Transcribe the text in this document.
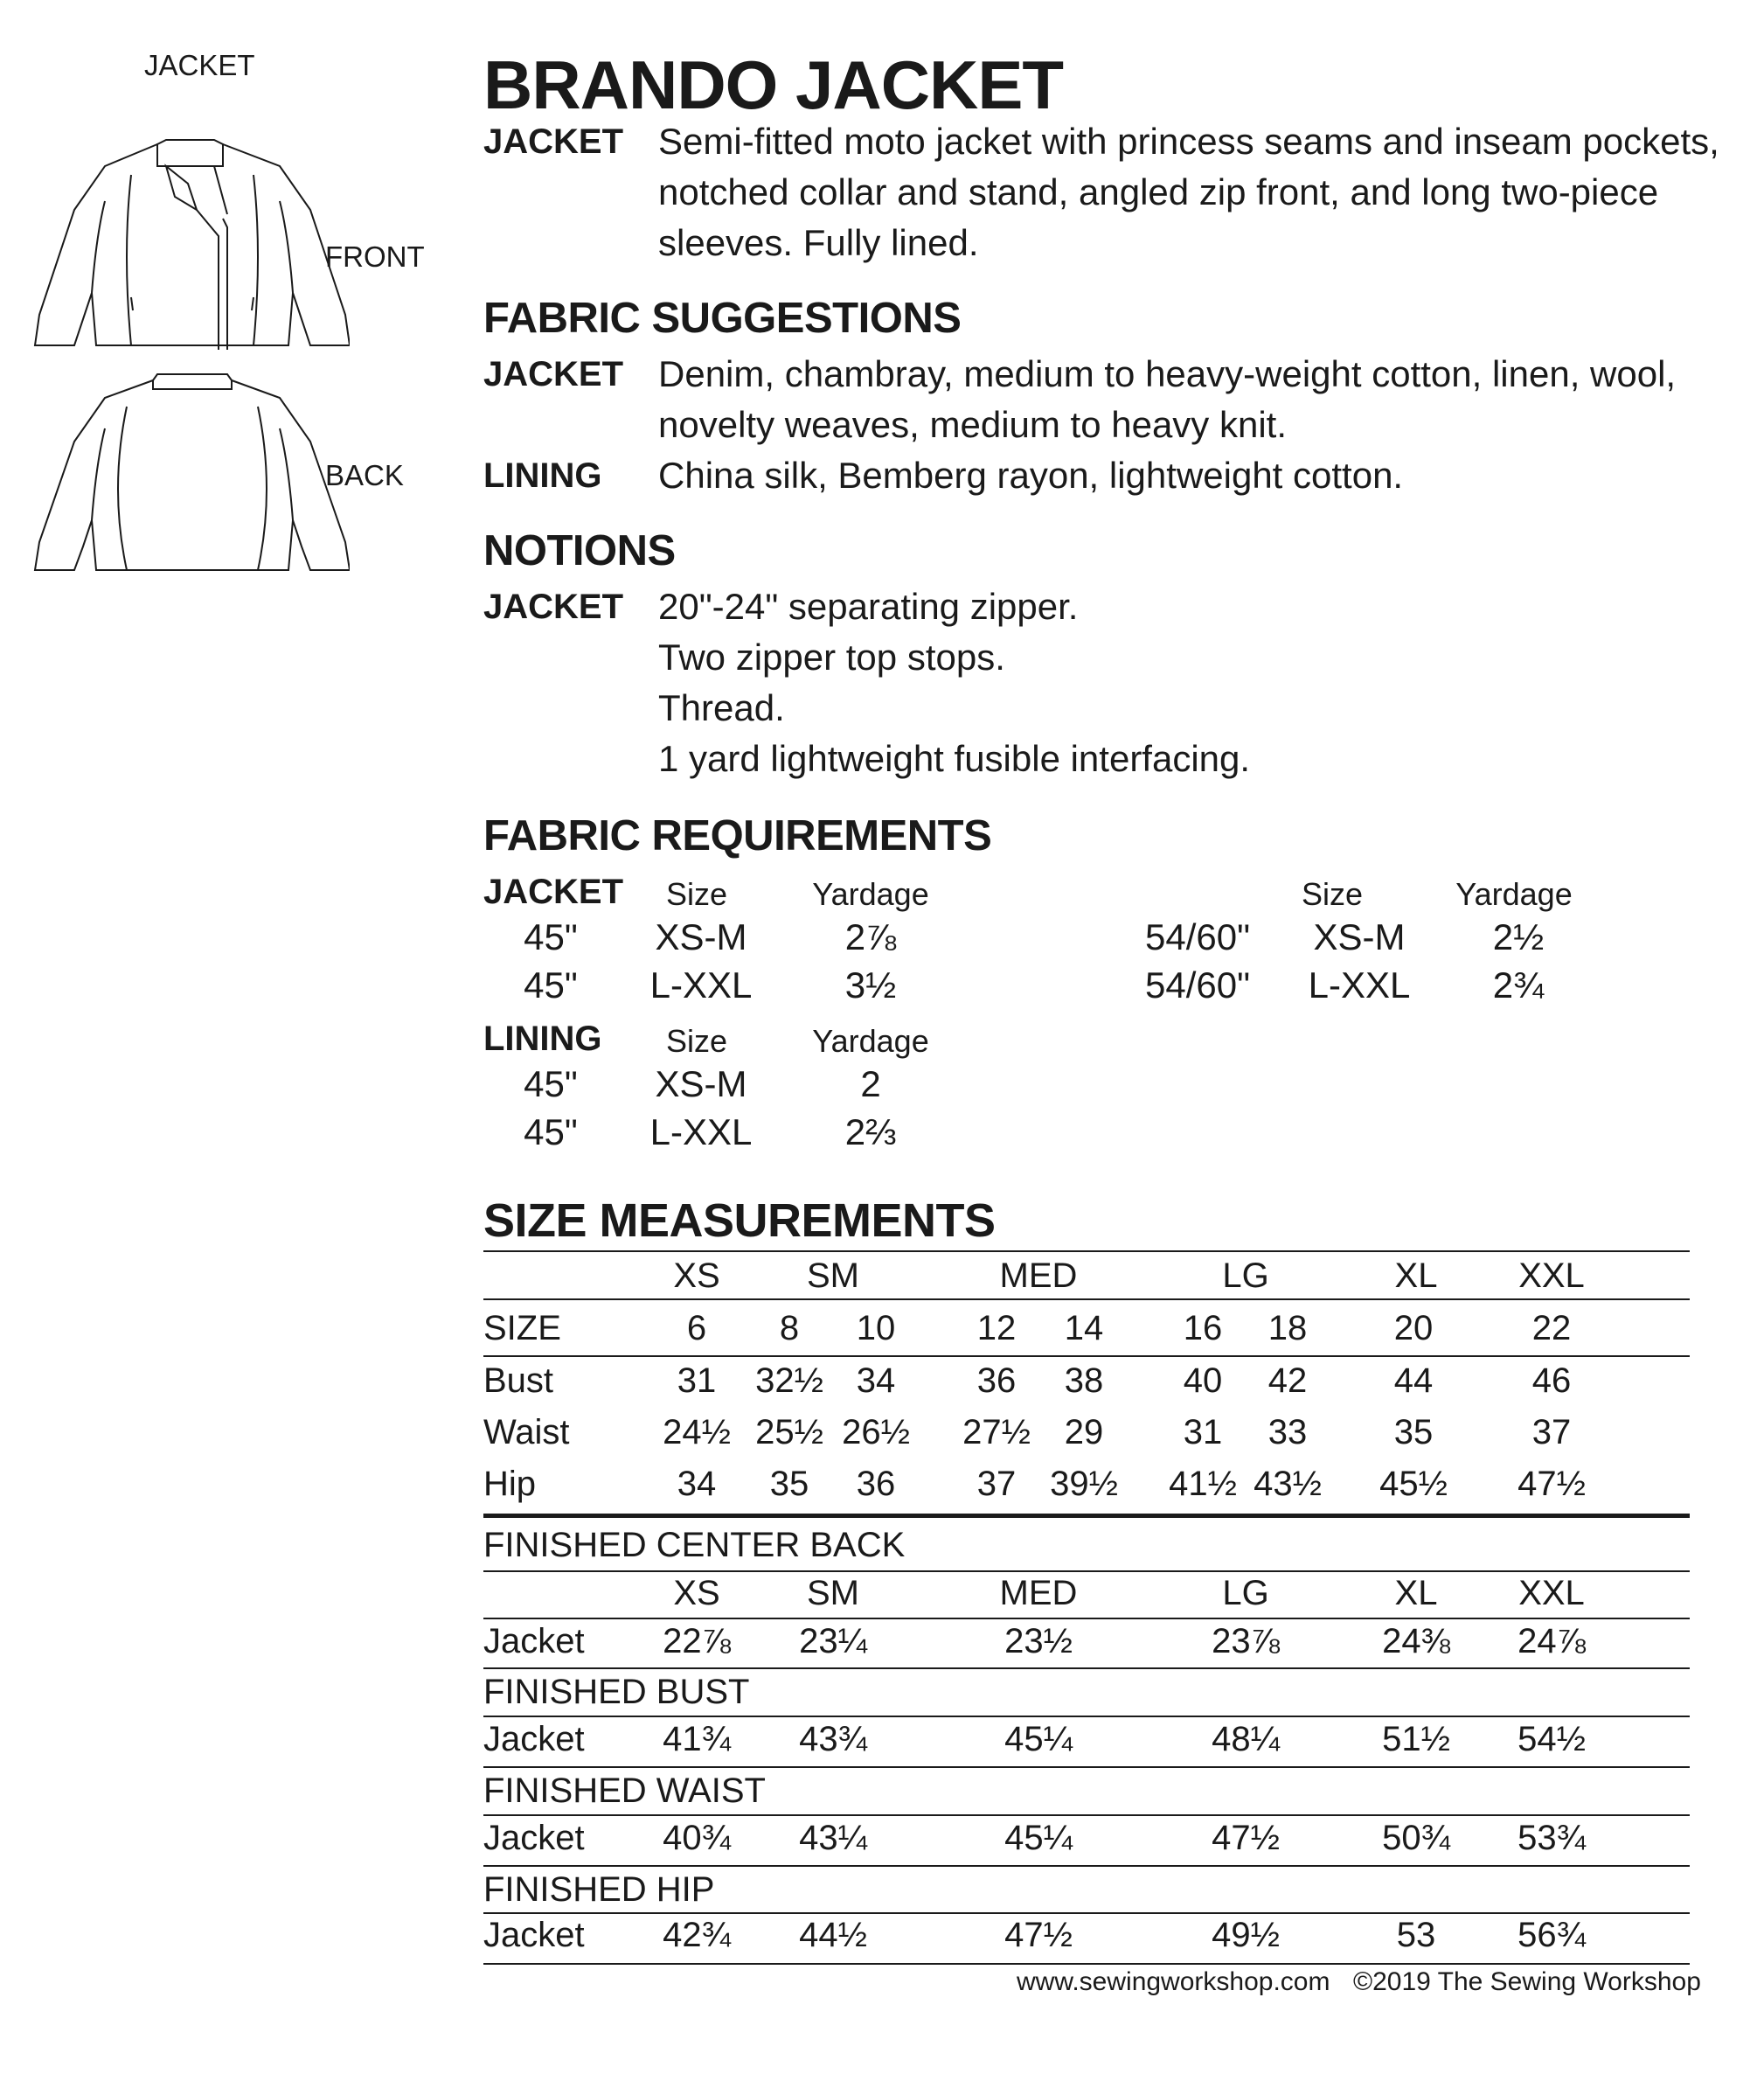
JACKET
FRONT
BACK
BRANDO JACKET
JACKET Semi-fitted moto jacket with princess seams and inseam pockets,
notched collar and stand, angled zip front, and long two-piece
sleeves. Fully lined.
FABRIC SUGGESTIONS
JACKET Denim, chambray, medium to heavy-weight cotton, linen, wool,
novelty weaves, medium to heavy knit.
LINING China silk, Bemberg rayon, lightweight cotton.
NOTIONS
JACKET 20"-24" separating zipper.
Two zipper top stops.
Thread.
1 yard lightweight fusible interfacing.
FABRIC REQUIREMENTS
JACKET Size	Yardage	Size	Yardage
45" XS-M	2⅞
45" L-XXL	3½
54/60" XS-M 2½
54/60" L-XXL 2¾
LINING Size	Yardage
45" XS-M	2
45" L-XXL	2⅔
SIZE MEASUREMENTS
XS SM	MED	LG	XL XXL
SIZE	6 8 10 12 14 16 18 20	22
Bust	31 32½ 34 36 38 40 42 44	46
Waist	24½ 25½ 26½ 27½ 29 31 33 35	37
Hip	34 35 36 37 39½ 41½ 43½ 45½ 47½
FINISHED CENTER BACK
XS SM	MED	LG	XL XXL
Jacket 22⅞ 23¼	23½	23⅞	24⅜ 24⅞
FINISHED BUST
Jacket 41¾ 43¾	45¼	48¼	51½ 54½
FINISHED WAIST
Jacket 40¾ 43¼	45¼	47½	50¾ 53¾
FINISHED HIP
Jacket 42¾ 44½	47½	49½	53 56¾
www.sewingworkshop.com ©2019 The Sewing Workshop
